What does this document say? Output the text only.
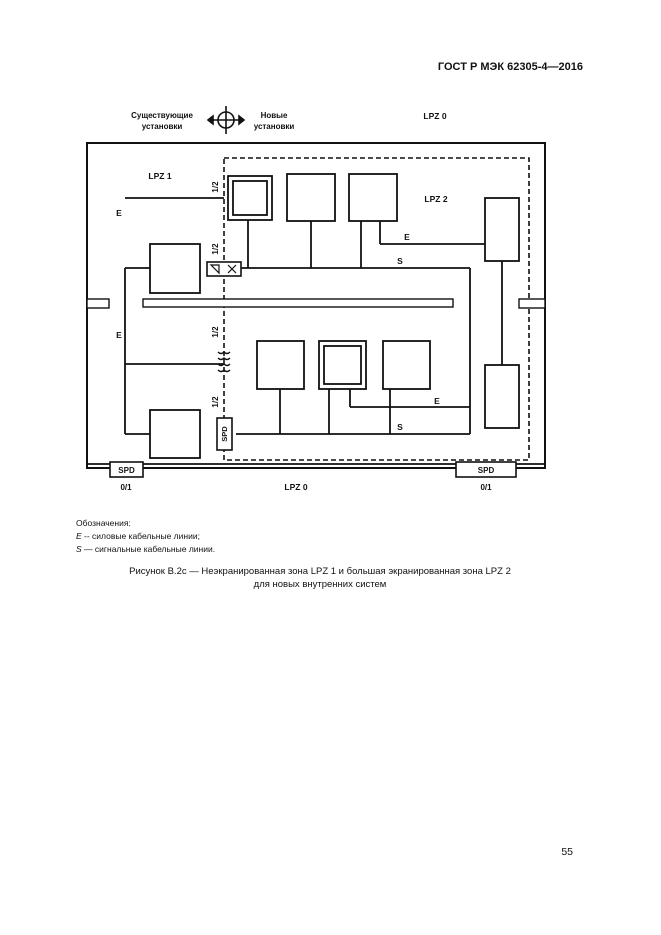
ГОСТ Р МЭК 62305-4—2016
Существующие
установки
Новые
установки
LPZ 0
LPZ 1
LPZ 2
SPD
1/2
1/2
1/2
1/2
E
E
E
E
S
S
SPD	SPD
0/1	0/1
LPZ 0
Обозначения:
E -- силовые кабельные линии;
S — сигнальные кабельные линии.
Рисунок B.2c — Неэкранированная зона LPZ 1 и большая экранированная зона LPZ 2
для новых внутренних систем
55
